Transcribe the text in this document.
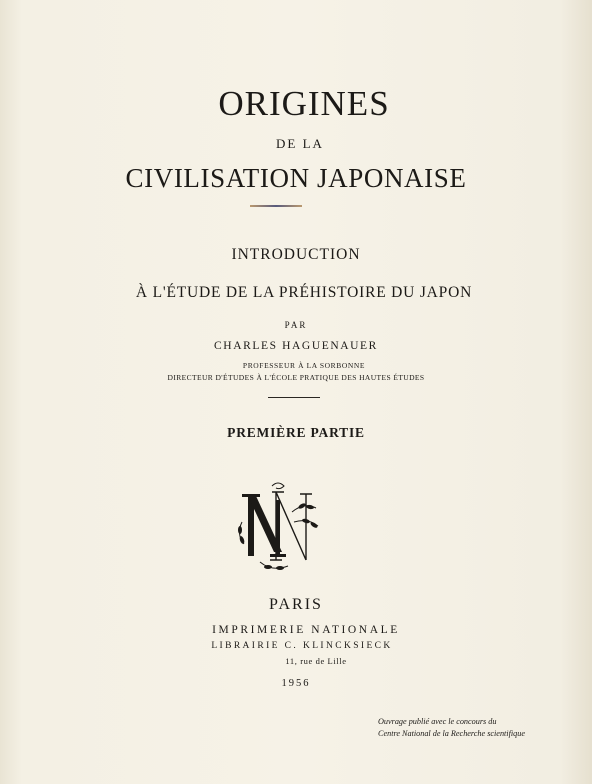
ORIGINES
DE LA
CIVILISATION JAPONAISE
INTRODUCTION
À L'ÉTUDE DE LA PRÉHISTOIRE DU JAPON
PAR
CHARLES HAGUENAUER
PROFESSEUR À LA SORBONNE
DIRECTEUR D'ÉTUDES À L'ÉCOLE PRATIQUE DES HAUTES ÉTUDES
PREMIÈRE PARTIE
PARIS
IMPRIMERIE NATIONALE
LIBRAIRIE C. KLINCKSIECK
11, rue de Lille
1956
Ouvrage publié avec le concours du
Centre National de la Recherche scientifique
